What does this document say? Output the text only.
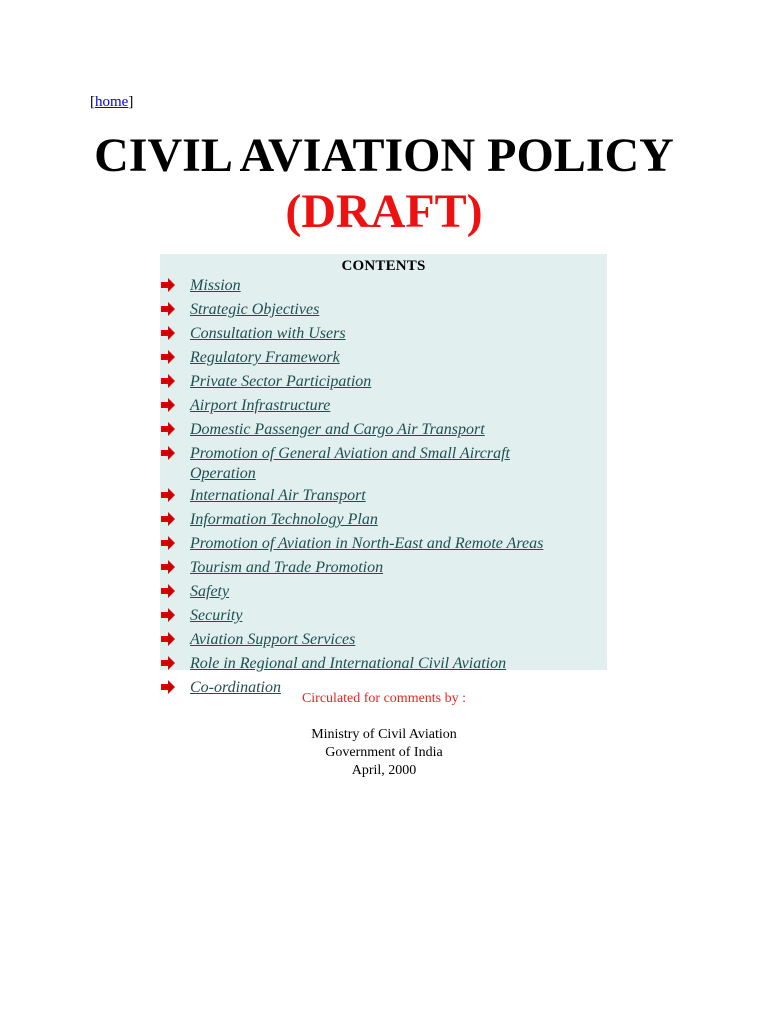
[home]
CIVIL AVIATION POLICY
(DRAFT)
CONTENTS
Mission
Strategic Objectives
Consultation with Users
Regulatory Framework
Private Sector Participation
Airport Infrastructure
Domestic Passenger and Cargo Air Transport
Promotion of General Aviation and Small Aircraft Operation
International Air Transport
Information Technology Plan
Promotion of Aviation in North-East and Remote Areas
Tourism and Trade Promotion
Safety
Security
Aviation Support Services
Role in Regional and International Civil Aviation
Co-ordination
Circulated for comments by :
Ministry of Civil Aviation
Government of India
April, 2000
